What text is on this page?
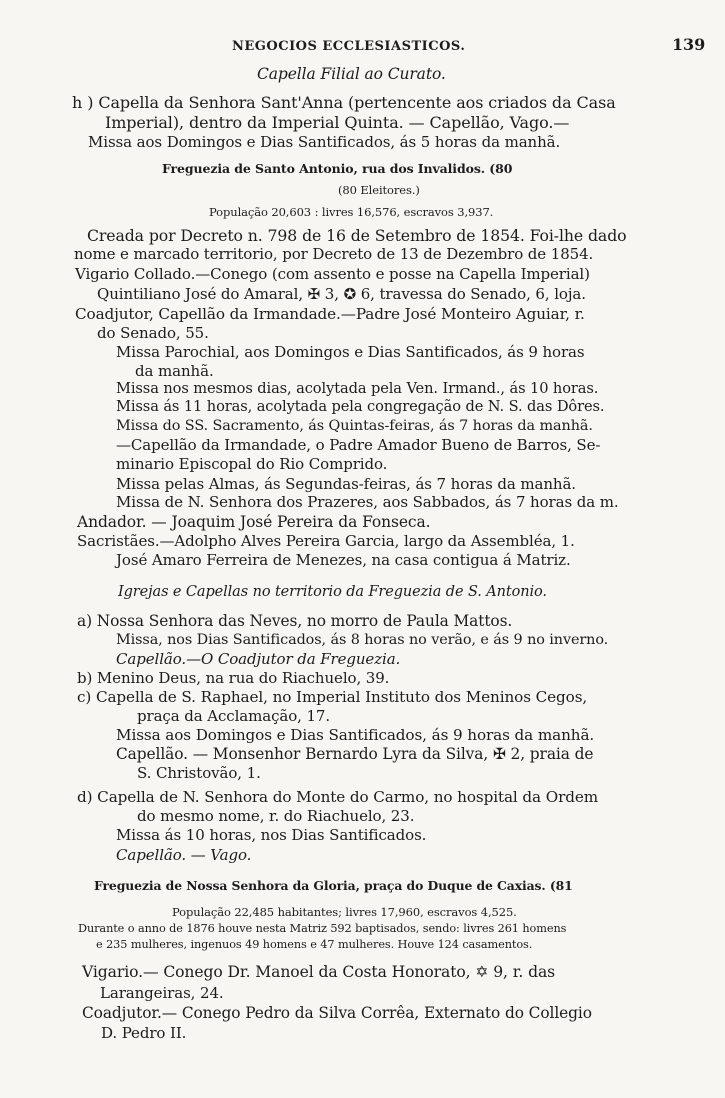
NEGOCIOS ECCLESIASTICOS.	139
Capella Filial ao Curato.
h ) Capella da Senhora Sant'Anna (pertencente aos criados da Casa
Imperial), dentro da Imperial Quinta. — Capellão, Vago.—
Missa aos Domingos e Dias Santificados, ás 5 horas da manhã.
Freguezia de Santo Antonio, rua dos Invalidos. (80
(80 Eleitores.)
População 20,603 : livres 16,576, escravos 3,937.
Creada por Decreto n. 798 de 16 de Setembro de 1854. Foi-lhe dado
nome e marcado territorio, por Decreto de 13 de Dezembro de 1854.
Vigario Collado.—Conego (com assento e posse na Capella Imperial)
Quintiliano José do Amaral, ✠ 3, ✪ 6, travessa do Senado, 6, loja.
Coadjutor, Capellão da Irmandade.—Padre José Monteiro Aguiar, r.
do Senado, 55.
Missa Parochial, aos Domingos e Dias Santificados, ás 9 horas
da manhã.
Missa nos mesmos dias, acolytada pela Ven. Irmand., ás 10 horas.
Missa ás 11 horas, acolytada pela congregação de N. S. das Dôres.
Missa do SS. Sacramento, ás Quintas-feiras, ás 7 horas da manhã.
—Capellão da Irmandade, o Padre Amador Bueno de Barros, Se-
minario Episcopal do Rio Comprido.
Missa pelas Almas, ás Segundas-feiras, ás 7 horas da manhã.
Missa de N. Senhora dos Prazeres, aos Sabbados, ás 7 horas da m.
Andador. — Joaquim José Pereira da Fonseca.
Sacristães.—Adolpho Alves Pereira Garcia, largo da Assembléa, 1.
José Amaro Ferreira de Menezes, na casa contigua á Matriz.
Igrejas e Capellas no territorio da Freguezia de S. Antonio.
a) Nossa Senhora das Neves, no morro de Paula Mattos.
Missa, nos Dias Santificados, ás 8 horas no verão, e ás 9 no inverno.
Capellão.—O Coadjutor da Freguezia.
b) Menino Deus, na rua do Riachuelo, 39.
c) Capella de S. Raphael, no Imperial Instituto dos Meninos Cegos,
praça da Acclamação, 17.
Missa aos Domingos e Dias Santificados, ás 9 horas da manhã.
Capellão. — Monsenhor Bernardo Lyra da Silva, ✠ 2, praia de
S. Christovão, 1.
d) Capella de N. Senhora do Monte do Carmo, no hospital da Ordem
do mesmo nome, r. do Riachuelo, 23.
Missa ás 10 horas, nos Dias Santificados.
Capellão. — Vago.
Freguezia de Nossa Senhora da Gloria, praça do Duque de Caxias. (81
População 22,485 habitantes; livres 17,960, escravos 4,525.
Durante o anno de 1876 houve nesta Matriz 592 baptisados, sendo: livres 261 homens
e 235 mulheres, ingenuos 49 homens e 47 mulheres. Houve 124 casamentos.
Vigario.— Conego Dr. Manoel da Costa Honorato, ✡ 9, r. das
Larangeiras, 24.
Coadjutor.— Conego Pedro da Silva Corrêa, Externato do Collegio
D. Pedro II.
